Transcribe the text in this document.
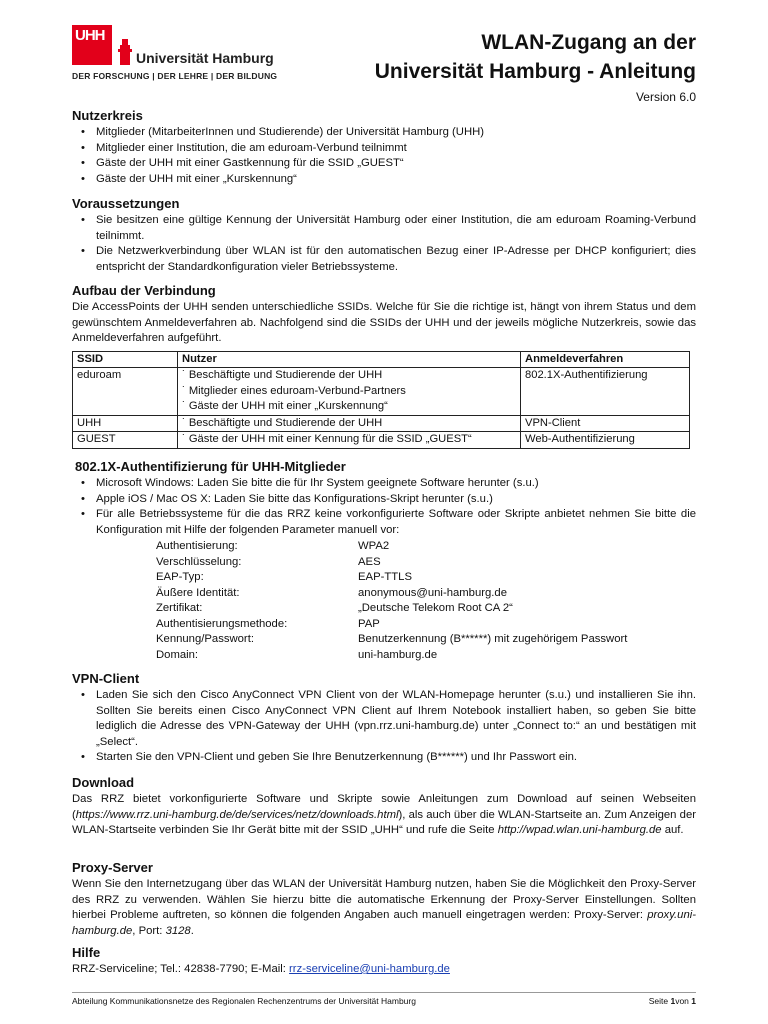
UHH
Universität Hamburg
DER FORSCHUNG | DER LEHRE | DER BILDUNG
WLAN-Zugang an der
Universität Hamburg - Anleitung
Version 6.0
Nutzerkreis
• Mitglieder (MitarbeiterInnen und Studierende) der Universität Hamburg (UHH)
• Mitglieder einer Institution, die am eduroam-Verbund teilnimmt
• Gäste der UHH mit einer Gastkennung für die SSID „GUEST“
• Gäste der UHH mit einer „Kurskennung“
Voraussetzungen
• Sie besitzen eine gültige Kennung der Universität Hamburg oder einer Institution, die am eduroam Roaming-Verbund teilnimmt.
• Die Netzwerkverbindung über WLAN ist für den automatischen Bezug einer IP-Adresse per DHCP konfiguriert; dies entspricht der Standardkonfiguration vieler Betriebssysteme.
Aufbau der Verbindung

Die AccessPoints der UHH senden unterschiedliche SSIDs. Welche für Sie die richtige ist, hängt von ihrem Status und dem gewünschtem Anmeldeverfahren ab. Nachfolgend sind die SSIDs der UHH und der jeweils mögliche Nutzerkreis, sowie das Anmeldeverfahren aufgeführt.

SSID	Nutzer	Anmeldeverfahren
eduroam	˙ Beschäftigte und Studierende der UHH
˙ Mitglieder eines eduroam-Verbund-Partners
˙ Gäste der UHH mit einer „Kurskennung“	802.1X-Authentifizierung
UHH	˙ Beschäftigte und Studierende der UHH	VPN-Client
GUEST	˙ Gäste der UHH mit einer Kennung für die SSID „GUEST“	Web-Authentifizierung
802.1X-Authentifizierung für UHH-Mitglieder
• Microsoft Windows: Laden Sie bitte die für Ihr System geeignete Software herunter (s.u.)
• Apple iOS / Mac OS X: Laden Sie bitte das Konfigurations-Skript herunter (s.u.)
• Für alle Betriebssysteme für die das RRZ keine vorkonfigurierte Software oder Skripte anbietet nehmen Sie bitte die Konfiguration mit Hilfe der folgenden Parameter manuell vor:
Authentisierung:	WPA2
Verschlüsselung:	AES
EAP-Typ:	EAP-TTLS
Äußere Identität:	anonymous@uni-hamburg.de
Zertifikat:	„Deutsche Telekom Root CA 2“
Authentisierungsmethode:	PAP
Kennung/Passwort:	Benutzerkennung (B******) mit zugehörigem Passwort
Domain:	uni-hamburg.de
VPN-Client
• Laden Sie sich den Cisco AnyConnect VPN Client von der WLAN-Homepage herunter (s.u.) und installieren Sie ihn. Sollten Sie bereits einen Cisco AnyConnect VPN Client auf Ihrem Notebook installiert haben, so geben Sie bitte lediglich die Adresse des VPN-Gateway der UHH (vpn.rrz.uni-hamburg.de) unter „Connect to:“ an und bestätigen mit „Select“.
• Starten Sie den VPN-Client und geben Sie Ihre Benutzerkennung (B******) und Ihr Passwort ein.
Download

Das RRZ bietet vorkonfigurierte Software und Skripte sowie Anleitungen zum Download auf seinen Webseiten (https://www.rrz.uni-hamburg.de/de/services/netz/downloads.html), als auch über die WLAN-Startseite an. Zum Anzeigen der WLAN-Startseite verbinden Sie Ihr Gerät bitte mit der SSID „UHH“ und rufe die Seite http://wpad.wlan.uni-hamburg.de auf.

Proxy-Server

Wenn Sie den Internetzugang über das WLAN der Universität Hamburg nutzen, haben Sie die Möglichkeit den Proxy-Server des RRZ zu verwenden. Wählen Sie hierzu bitte die automatische Erkennung der Proxy-Server Einstellungen. Sollten hierbei Probleme auftreten, so können die folgenden Angaben auch manuell eingetragen werden: Proxy-Server: proxy.uni-hamburg.de, Port: 3128.

Hilfe

RRZ-Serviceline; Tel.: 42838-7790; E-Mail: rrz-serviceline@uni-hamburg.de

Abteilung Kommunikationsnetze des Regionalen Rechenzentrums der Universität Hamburg	Seite 1von 1
